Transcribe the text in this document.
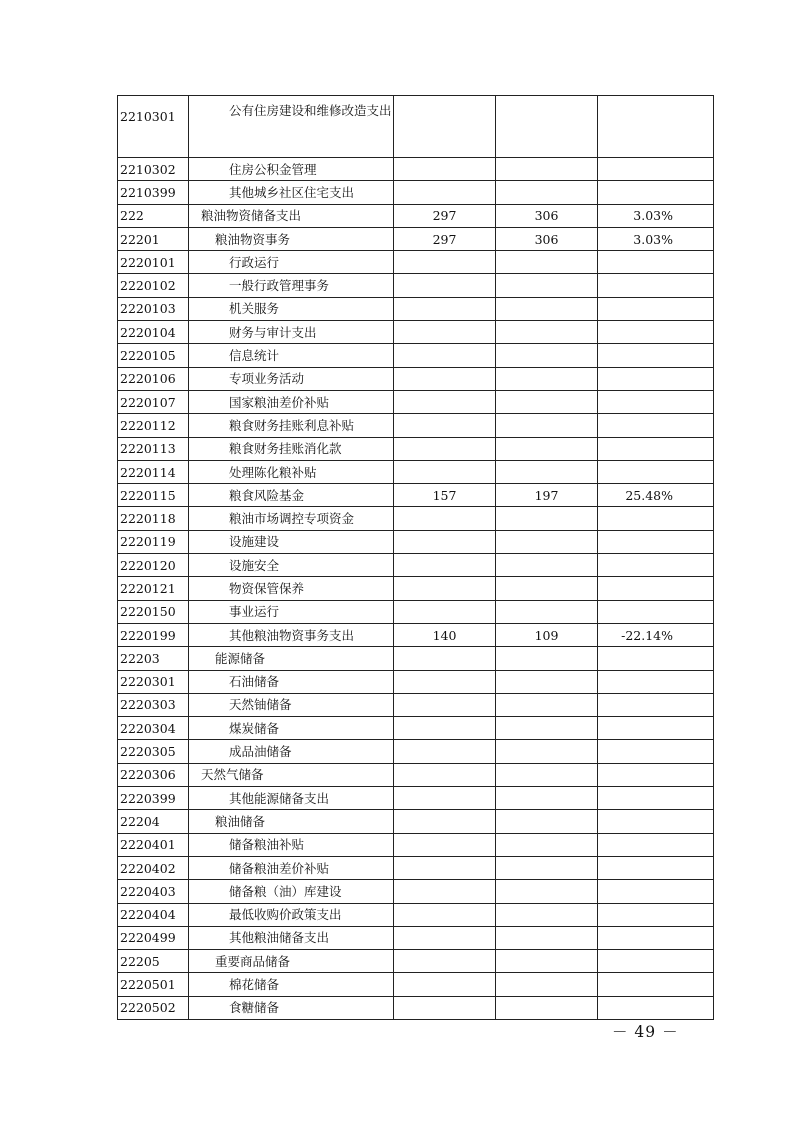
2210301	公有住房建设和维修改造支出			

2210302	住房公积金管理			

2210399	其他城乡社区住宅支出			

222	粮油物资储备支出	297	306	3.03%
22201	粮油物资事务	297	306	3.03%
2220101	行政运行			

2220102	一般行政管理事务			

2220103	机关服务			

2220104	财务与审计支出			

2220105	信息统计			

2220106	专项业务活动			

2220107	国家粮油差价补贴			

2220112	粮食财务挂账利息补贴			

2220113	粮食财务挂账消化款			

2220114	处理陈化粮补贴			

2220115	粮食风险基金	157	197	25.48%
2220118	粮油市场调控专项资金			

2220119	设施建设			

2220120	设施安全			

2220121	物资保管保养			

2220150	事业运行			

2220199	其他粮油物资事务支出	140	109	-22.14%
22203	能源储备			

2220301	石油储备			

2220303	天然铀储备			

2220304	煤炭储备			

2220305	成品油储备			

2220306	天然气储备			

2220399	其他能源储备支出			

22204	粮油储备			

2220401	储备粮油补贴			

2220402	储备粮油差价补贴			

2220403	储备粮（油）库建设			

2220404	最低收购价政策支出			

2220499	其他粮油储备支出			

22205	重要商品储备			

2220501	棉花储备			

2220502	食糖储备			

－ 49 －
